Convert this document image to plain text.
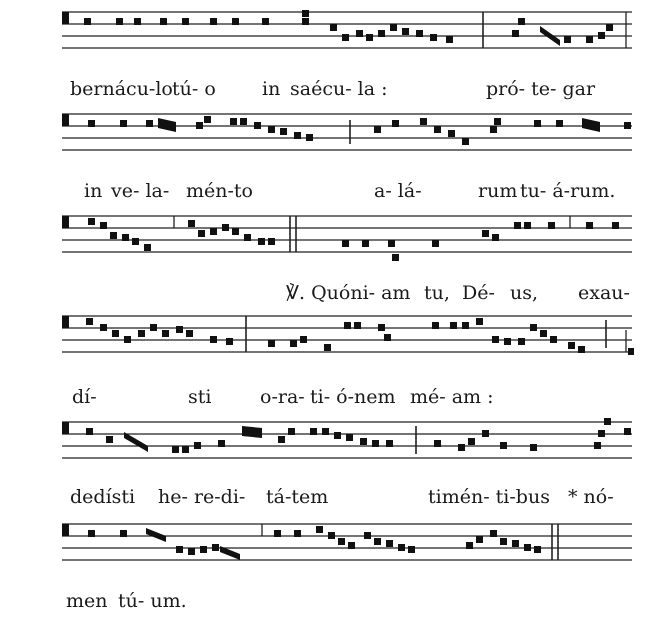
bernácu-lo tú- o in saécu- la :	pró- te- gar
in ve- la- mén-to	a- lá-	rum tu- á-rum.
℣. Quóni- am tu, Dé- us, exau-
dí-	sti	o-ra- ti- ó-nem mé- am :
dedísti he- re-di- tá-tem	timén- ti-bus * nó-
men tú- um.
